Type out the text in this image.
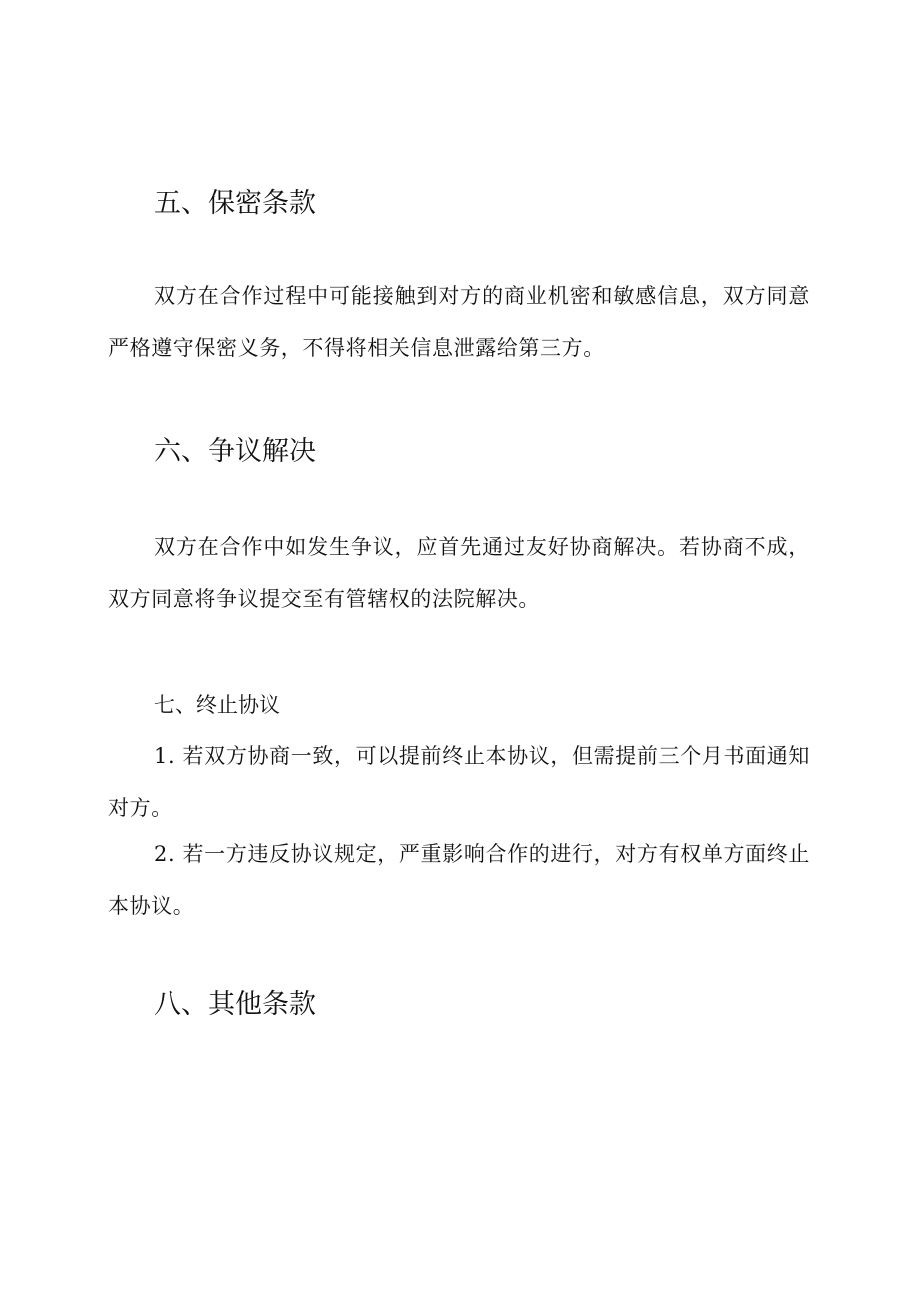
五、保密条款

双方在合作过程中可能接触到对方的商业机密和敏感信息，双方同意严格遵守保密义务，不得将相关信息泄露给第三方。

六、争议解决

双方在合作中如发生争议，应首先通过友好协商解决。若协商不成，双方同意将争议提交至有管辖权的法院解决。

七、终止协议

1. 若双方协商一致，可以提前终止本协议，但需提前三个月书面通知对方。

2. 若一方违反协议规定，严重影响合作的进行，对方有权单方面终止本协议。

八、其他条款
